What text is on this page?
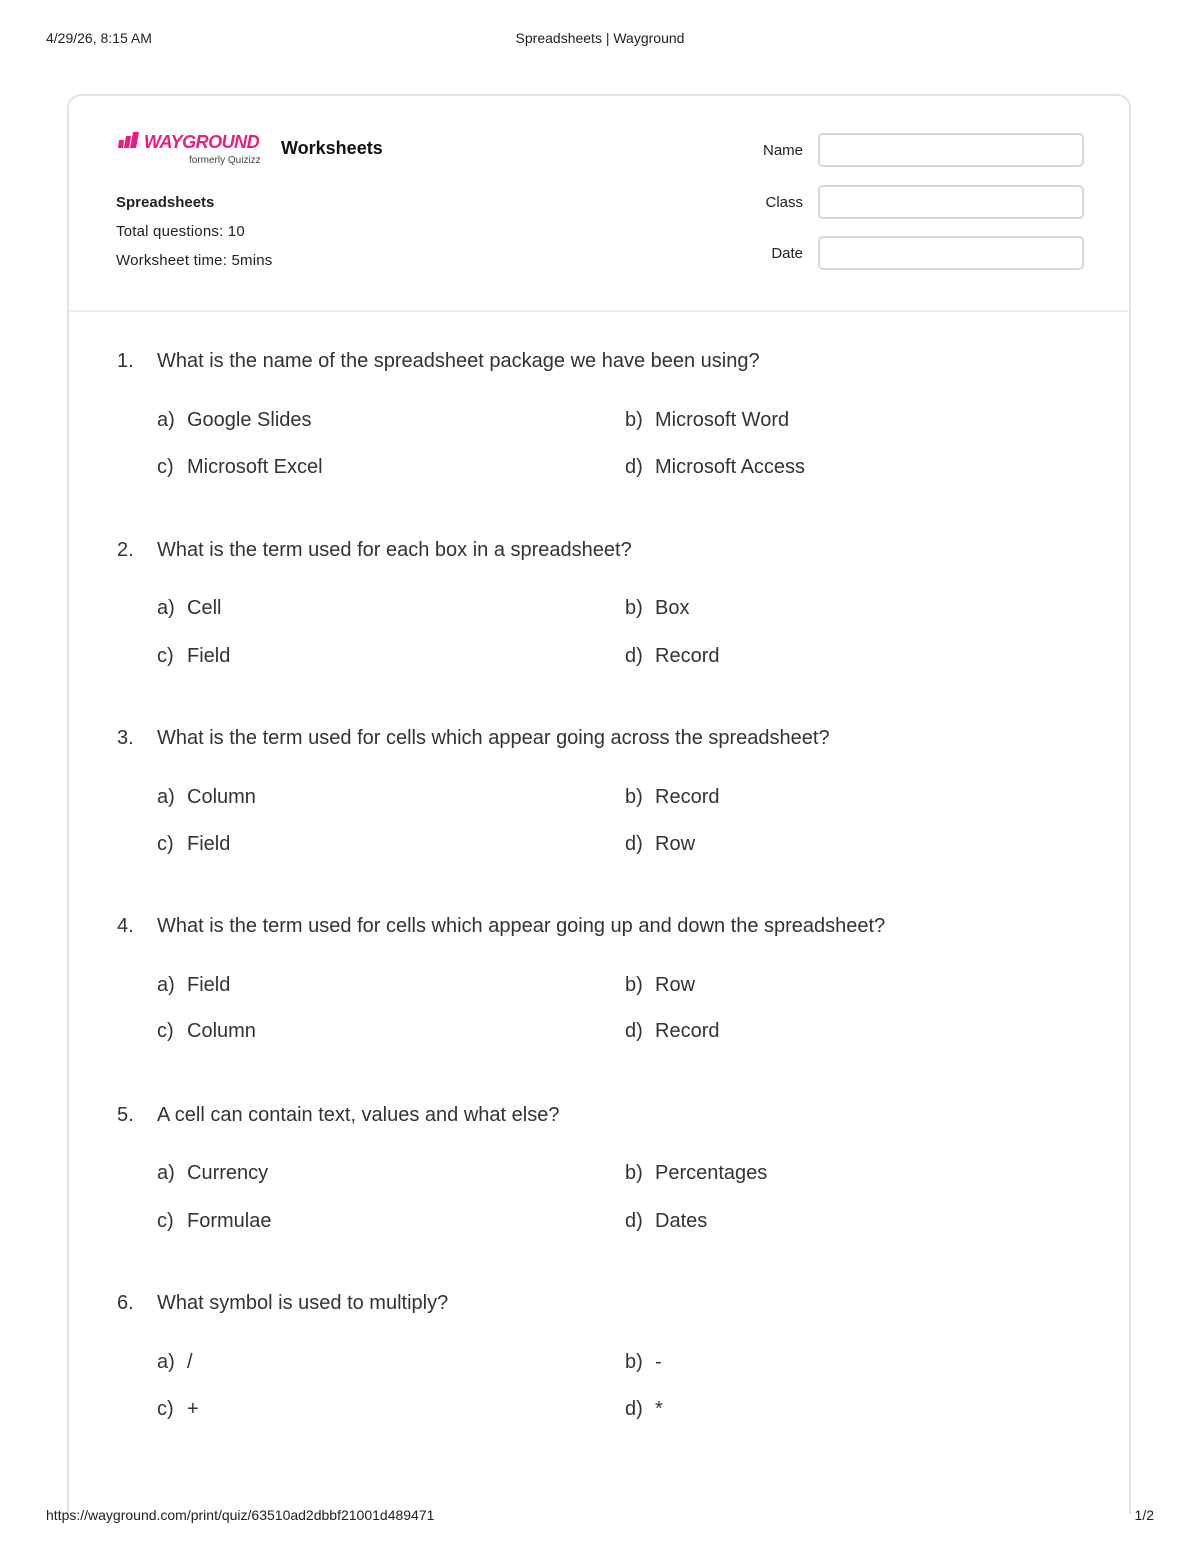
4/29/26, 8:15 AM	Spreadsheets | Wayground
WAYGROUND
formerly Quizizz
Worksheets
Spreadsheets
Total questions: 10
Worksheet time: 5mins
Name
Class
Date
1. What is the name of the spreadsheet package we have been using?
a) Google Slides	b) Microsoft Word
c) Microsoft Excel	d) Microsoft Access
2. What is the term used for each box in a spreadsheet?
a) Cell	b) Box
c) Field	d) Record
3. What is the term used for cells which appear going across the spreadsheet?
a) Column	b) Record
c) Field	d) Row
4. What is the term used for cells which appear going up and down the spreadsheet?
a) Field	b) Row
c) Column	d) Record
5. A cell can contain text, values and what else?
a) Currency	b) Percentages
c) Formulae	d) Dates
6. What symbol is used to multiply?
a) /	b) -
c) +	d) *
https://wayground.com/print/quiz/63510ad2dbbf21001d489471	1/2
